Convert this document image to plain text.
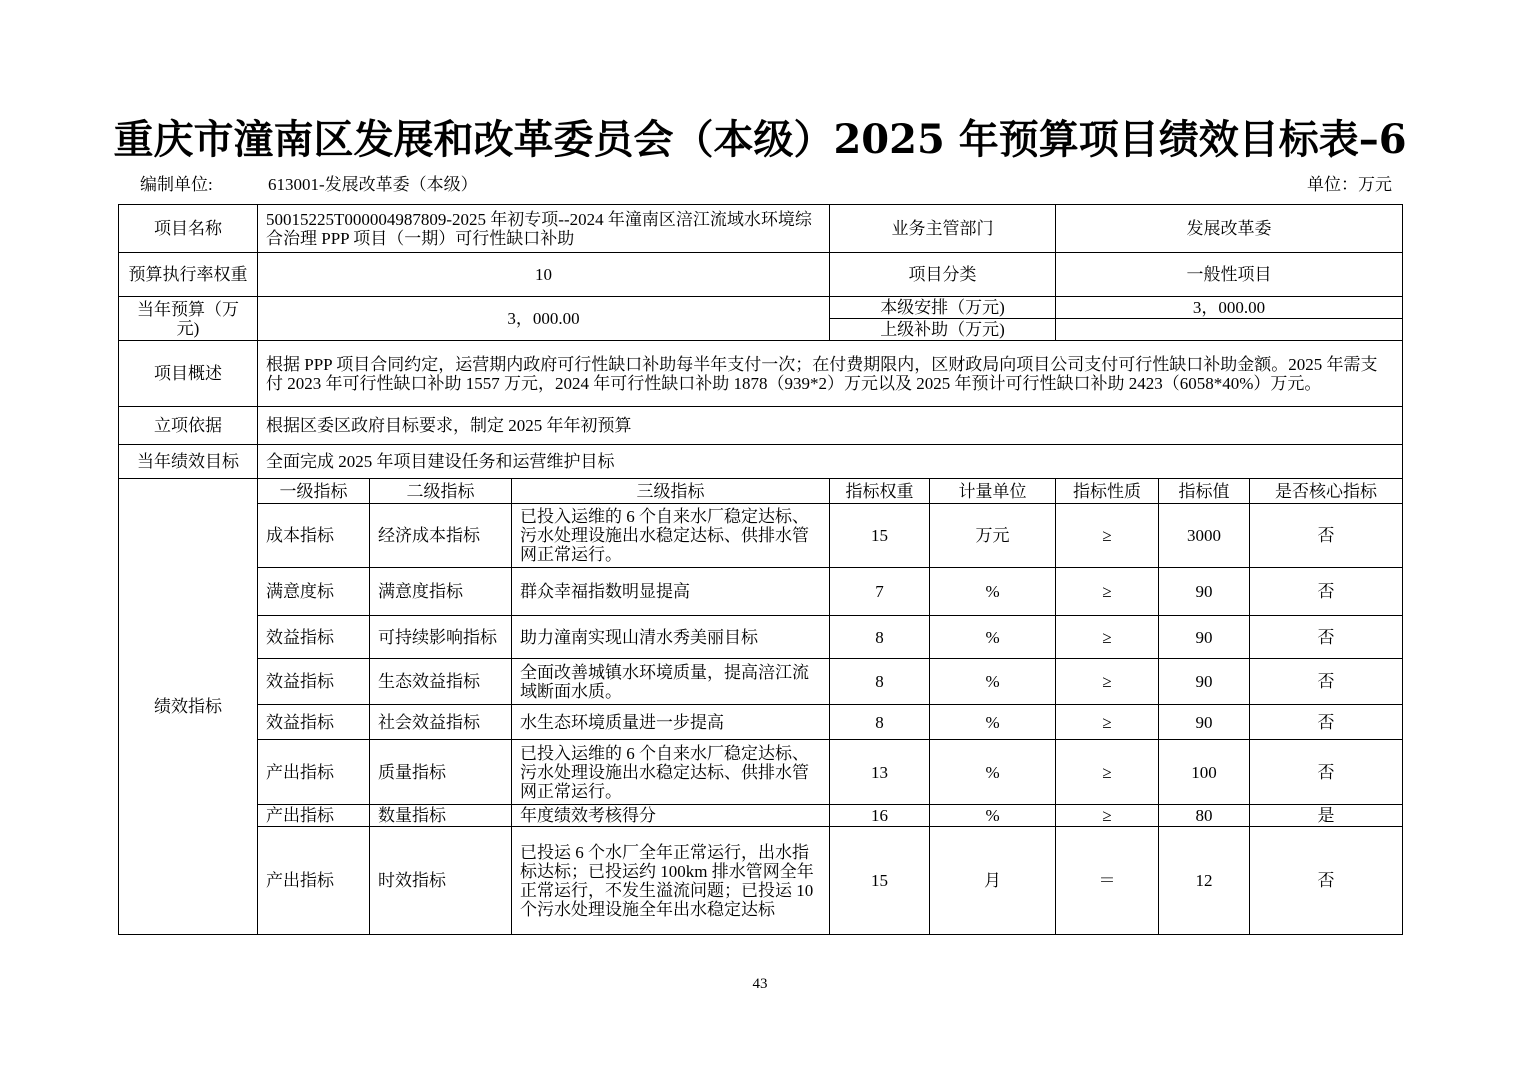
重庆市潼南区发展和改革委员会（本级）2025 年预算项目绩效目标表–6
编制单位:	613001-发展改革委（本级）	单位：万元
项目名称	50015225T000004987809-2025 年初专项--2024 年潼南区涪江流域水环境综合治理 PPP 项目（一期）可行性缺口补助			业务主管部门		发展改革委		
预算执行率权重	10			项目分类		一般性项目		
当年预算（万元)	3，000.00			本级安排（万元)		3，000.00		
				上级补助（万元)				
项目概述	根据 PPP 项目合同约定，运营期内政府可行性缺口补助每半年支付一次；在付费期限内，区财政局向项目公司支付可行性缺口补助金额。2025 年需支付 2023 年可行性缺口补助 1557 万元，2024 年可行性缺口补助 1878（939*2）万元以及 2025 年预计可行性缺口补助 2423（6058*40%）万元。							
立项依据	根据区委区政府目标要求，制定 2025 年年初预算							
当年绩效目标	全面完成 2025 年项目建设任务和运营维护目标							
绩效指标	一级指标	二级指标	三级指标	指标权重	计量单位	指标性质	指标值	是否核心指标
	成本指标	经济成本指标	已投入运维的 6 个自来水厂稳定达标、污水处理设施出水稳定达标、供排水管网正常运行。	15	万元	≥	3000	否
	满意度标	满意度指标	群众幸福指数明显提高	7	%	≥	90	否
	效益指标	可持续影响指标	助力潼南实现山清水秀美丽目标	8	%	≥	90	否
	效益指标	生态效益指标	全面改善城镇水环境质量，提高涪江流域断面水质。	8	%	≥	90	否
	效益指标	社会效益指标	水生态环境质量进一步提高	8	%	≥	90	否
	产出指标	质量指标	已投入运维的 6 个自来水厂稳定达标、污水处理设施出水稳定达标、供排水管网正常运行。	13	%	≥	100	否
	产出指标	数量指标	年度绩效考核得分	16	%	≥	80	是
	产出指标	时效指标	已投运 6 个水厂全年正常运行，出水指标达标；已投运约 100km 排水管网全年正常运行，不发生溢流问题；已投运 10 个污水处理设施全年出水稳定达标	15	月	＝	12	否
43
